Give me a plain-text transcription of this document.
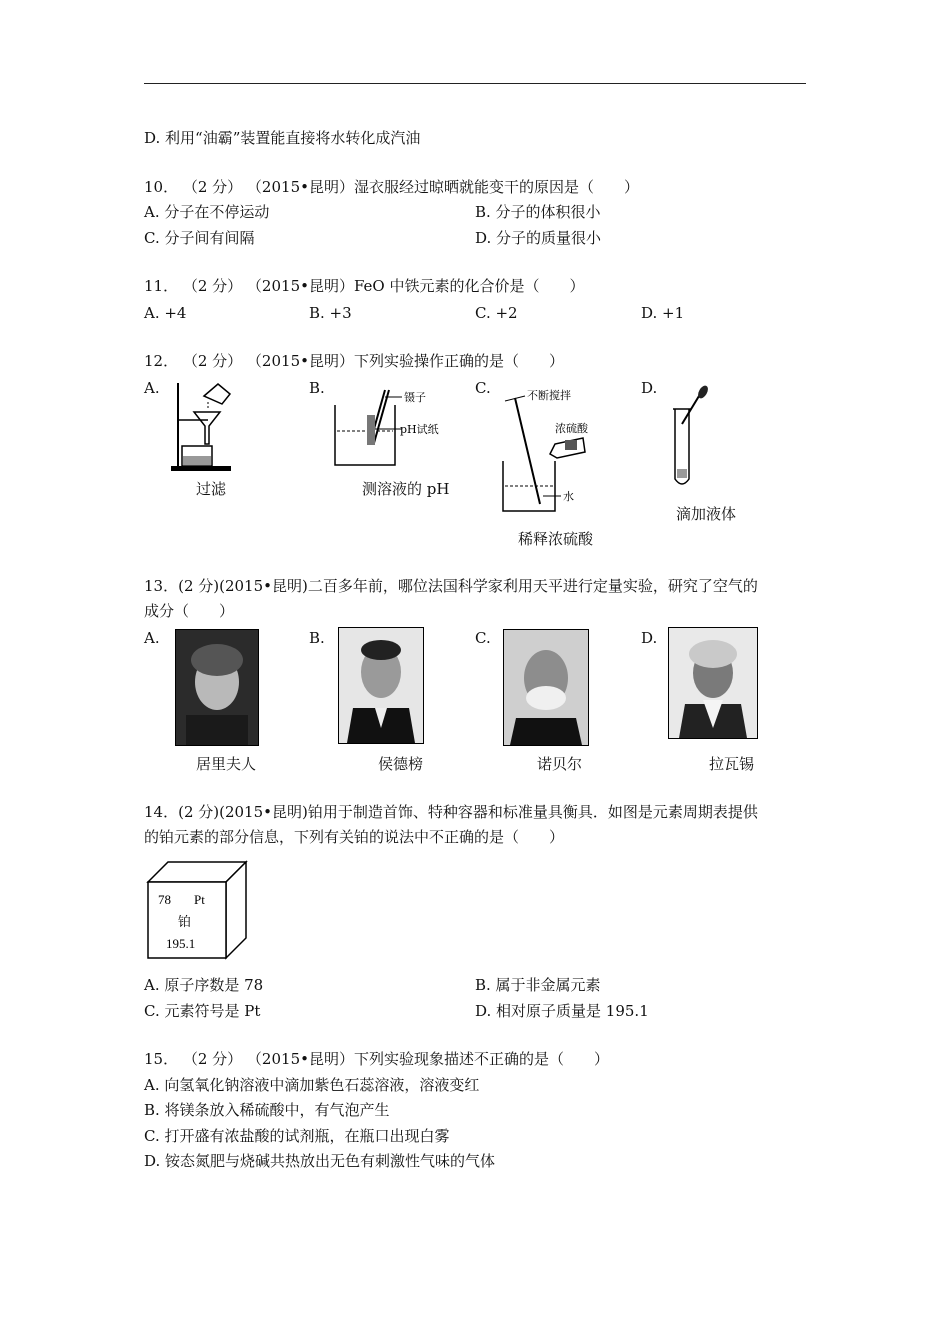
D. 利用“油霸”装置能直接将水转化成汽油
10． （2 分） （2015•昆明）湿衣服经过晾晒就能变干的原因是（　　）
A. 分子在不停运动	B. 分子的体积很小
C. 分子间有间隔	D. 分子的质量很小
11． （2 分） （2015•昆明）FeO 中铁元素的化合价是（　　）
A. +4	B. +3	C. +2	D. +1
12． （2 分） （2015•昆明）下列实验操作正确的是（　　）
A.	B.	C.	D.
过滤
镊子
pH试纸
测溶液的 pH
不断搅拌
浓硫酸
水
稀释浓硫酸
滴加液体
13．(2 分)(2015•昆明)二百多年前，哪位法国科学家利用天平进行定量实验，研究了空气的
成分（　　）
A.	B.	C.	D.
居里夫人	侯德榜	诺贝尔	拉瓦锡
14．(2 分)(2015•昆明)铂用于制造首饰、特种容器和标准量具衡具．如图是元素周期表提供
的铂元素的部分信息，下列有关铂的说法中不正确的是（　　）
78 Pt
铂
195.1
A. 原子序数是 78	B. 属于非金属元素
C. 元素符号是 Pt	D. 相对原子质量是 195.1
15． （2 分） （2015•昆明）下列实验现象描述不正确的是（　　）
A. 向氢氧化钠溶液中滴加紫色石蕊溶液，溶液变红
B. 将镁条放入稀硫酸中，有气泡产生
C. 打开盛有浓盐酸的试剂瓶，在瓶口出现白雾
D. 铵态氮肥与烧碱共热放出无色有刺激性气味的气体
